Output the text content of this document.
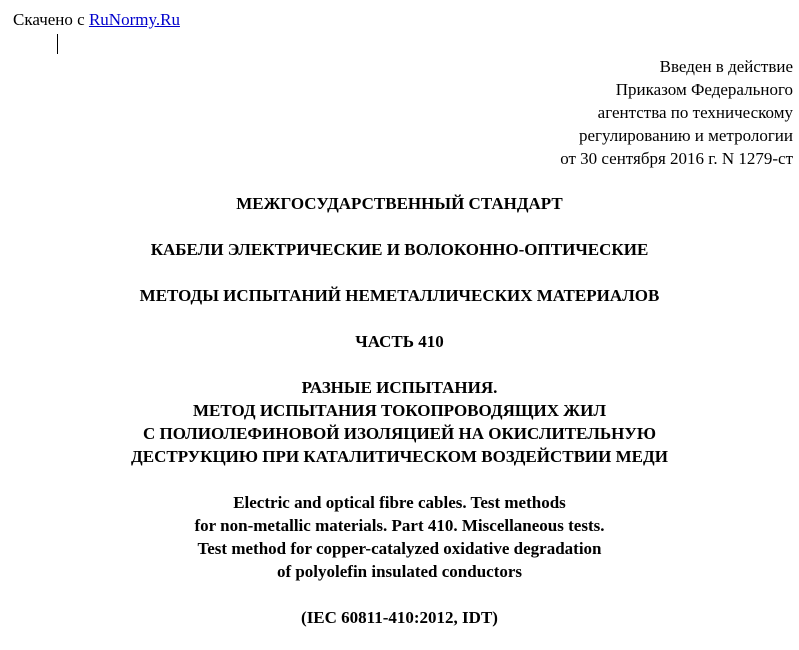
Скачено с RuNormy.Ru
Введен в действие
Приказом Федерального
агентства по техническому
регулированию и метрологии
от 30 сентября 2016 г. N 1279-ст
МЕЖГОСУДАРСТВЕННЫЙ СТАНДАРТ
КАБЕЛИ ЭЛЕКТРИЧЕСКИЕ И ВОЛОКОННО-ОПТИЧЕСКИЕ
МЕТОДЫ ИСПЫТАНИЙ НЕМЕТАЛЛИЧЕСКИХ МАТЕРИАЛОВ
ЧАСТЬ 410
РАЗНЫЕ ИСПЫТАНИЯ.
МЕТОД ИСПЫТАНИЯ ТОКОПРОВОДЯЩИХ ЖИЛ
С ПОЛИОЛЕФИНОВОЙ ИЗОЛЯЦИЕЙ НА ОКИСЛИТЕЛЬНУЮ
ДЕСТРУКЦИЮ ПРИ КАТАЛИТИЧЕСКОМ ВОЗДЕЙСТВИИ МЕДИ
Electric and optical fibre cables. Test methods
for non-metallic materials. Part 410. Miscellaneous tests.
Test method for copper-catalyzed oxidative degradation
of polyolefin insulated conductors
(IEC 60811-410:2012, IDT)
